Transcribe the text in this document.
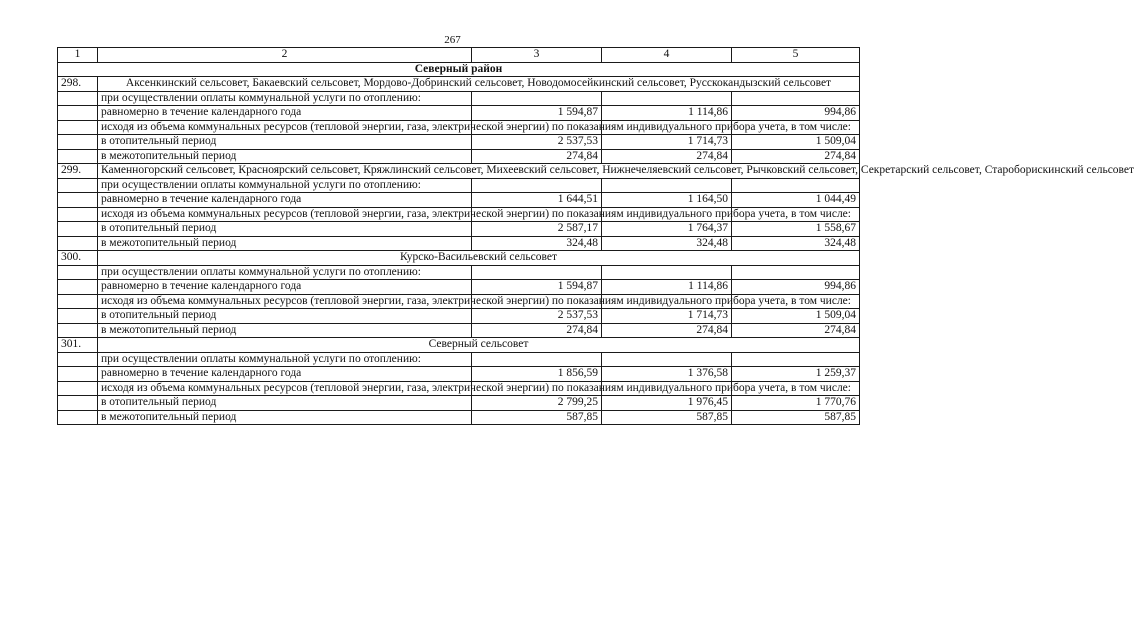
267
1	2	3	4	5
Северный район				
298.	Аксенкинский сельсовет, Бакаевский сельсовет, Мордово-Добринский сельсовет, Новодомосейкинский сельсовет, Русскокандызский сельсовет			
	при осуществлении оплаты коммунальной услуги по отоплению:			
	равномерно в течение календарного года	1 594,87	1 114,86	994,86
	исходя из объема коммунальных ресурсов (тепловой энергии, газа, электрической энергии) по показаниям индивидуального прибора учета, в том числе:			
	в отопительный период	2 537,53	1 714,73	1 509,04
	в межотопительный период	274,84	274,84	274,84
299.	Каменногорский сельсовет, Красноярский сельсовет, Кряжлинский сельсовет, Михеевский сельсовет, Нижнечеляевский сельсовет, Рычковский сельсовет, Секретарский сельсовет, Староборискинский сельсовет			
	при осуществлении оплаты коммунальной услуги по отоплению:			
	равномерно в течение календарного года	1 644,51	1 164,50	1 044,49
	исходя из объема коммунальных ресурсов (тепловой энергии, газа, электрической энергии) по показаниям индивидуального прибора учета, в том числе:			
	в отопительный период	2 587,17	1 764,37	1 558,67
	в межотопительный период	324,48	324,48	324,48
300.	Курско-Васильевский сельсовет			
	при осуществлении оплаты коммунальной услуги по отоплению:			
	равномерно в течение календарного года	1 594,87	1 114,86	994,86
	исходя из объема коммунальных ресурсов (тепловой энергии, газа, электрической энергии) по показаниям индивидуального прибора учета, в том числе:			
	в отопительный период	2 537,53	1 714,73	1 509,04
	в межотопительный период	274,84	274,84	274,84
301.	Северный сельсовет			
	при осуществлении оплаты коммунальной услуги по отоплению:			
	равномерно в течение календарного года	1 856,59	1 376,58	1 259,37
	исходя из объема коммунальных ресурсов (тепловой энергии, газа, электрической энергии) по показаниям индивидуального прибора учета, в том числе:			
	в отопительный период	2 799,25	1 976,45	1 770,76
	в межотопительный период	587,85	587,85	587,85
